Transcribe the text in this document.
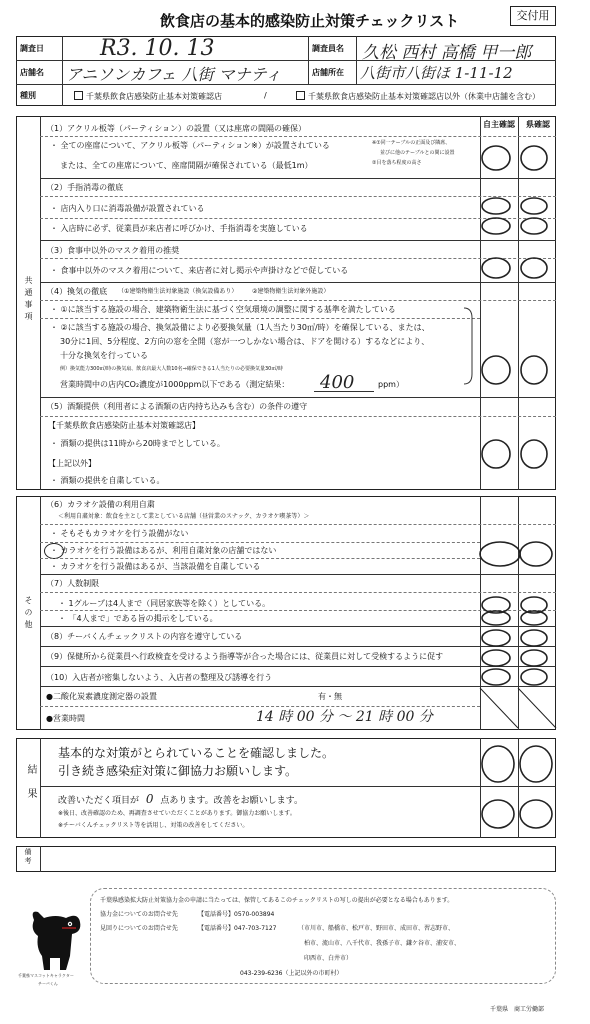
飲食店の基本的感染防止対策チェックリスト	交付用
調査日	R3. 10. 13	調査員名 久松 西村 高橋 甲一郎
店舗名 アニソンカフェ 八街 マナティ	店舗所在 八街市八街ほ 1-11-12
種別	千葉県飲食店感染防止基本対策確認店	/	千葉県飲食店感染防止基本対策確認店以外（休業中店舗を含む）
共通事項
自主確認 県確認
（1）アクリル板等（パーティション）の設置（又は座席の間隔の確保）
・ 全ての座席について、アクリル板等（パーティション※）が設置されている
または、全ての座席について、座席間隔が確保されている（最低1m）
※①同一テーブルの正面及び隣席、
並びに他のテーブルとの間に設置
②目を落ち程度の高さ
（2）手指消毒の徹底
・ 店内入り口に消毒設備が設置されている
・ 入店時に必ず、従業員が来店者に呼びかけ、手指消毒を実施している
（3）食事中以外のマスク着用の推奨
・ 食事中以外のマスク着用について、来店者に対し掲示や声掛けなどで促している
（4）換気の徹底 （①建築物衛生法対象施設（換気設備あり） ②建築物衛生法対象外施設）
・ ①に該当する施設の場合、建築物衛生法に基づく空気環境の調整に関する基準を満たしている
・ ②に該当する施設の場合、換気設備により必要換気量（1人当たり30㎥/時）を確保している、または、
30分に1回、5分程度、2方向の窓を全開（窓が一つしかない場合は、ドアを開ける）するなどにより、
十分な換気を行っている
例）換気能力300㎥/時の換気扇、飲食店最大人数10名⇒確保できる1人当たりの必要換気量30㎥/時
営業時間中の店内CO₂濃度が1000ppm以下である（測定結果： 400	ppm）
（5）酒類提供（利用者による酒類の店内持ち込みも含む）の条件の遵守
【千葉県飲食店感染防止基本対策確認店】
・ 酒類の提供は11時から20時までとしている。
【上記以外】
・ 酒類の提供を自粛している。
その他
（6）カラオケ設備の利用自粛
＜利用自粛対象：飲食を主として業としている店舗（昼営業のスナック、カラオケ喫茶等）＞
・ そもそもカラオケを行う設備がない
・ カラオケを行う設備はあるが、利用自粛対象の店舗ではない
・ カラオケを行う設備はあるが、当該設備を自粛している
（7）人数制限
・ 1グループは4人まで（同居家族等を除く）としている。
・ 「4人まで」である旨の掲示をしている。
（8）チーバくんチェックリストの内容を遵守している
（9）保健所から従業員へ行政検査を受けるよう指導等が合った場合には、従業員に対して受検するように促す
（10）入店者が密集しないよう、入店者の整理及び誘導を行う
●二酸化炭素濃度測定器の設置	有・無
●営業時間	14 時 00 分 ～ 21 時 00 分
結果
基本的な対策がとられていることを確認しました。
引き続き感染症対策に御協力お願いします。
改善いただく項目が 0 点あります。改善をお願いします。
※後日、改善確認のため、再調査させていただくことがあります。御協力お願いします。
※チーバくんチェックリスト等を活用し、対策の改善をしてください。
備考
千葉県感染拡大防止対策協力金の申請に当たっては、保管してあるこのチェックリストの写しの提出が必要となる場合もあります。
協力金についてのお問合せ先	【電話番号】0570-003894
見回りについてのお問合せ先	【電話番号】047-703-7127	（市川市、船橋市、松戸市、野田市、成田市、習志野市、
柏市、流山市、八千代市、我孫子市、鎌ケ谷市、浦安市、
印西市、白井市）
043-239-6236（上記以外の市町村）
千葉県マスコットキャラクター
チーバくん
千葉県　商工労働部
